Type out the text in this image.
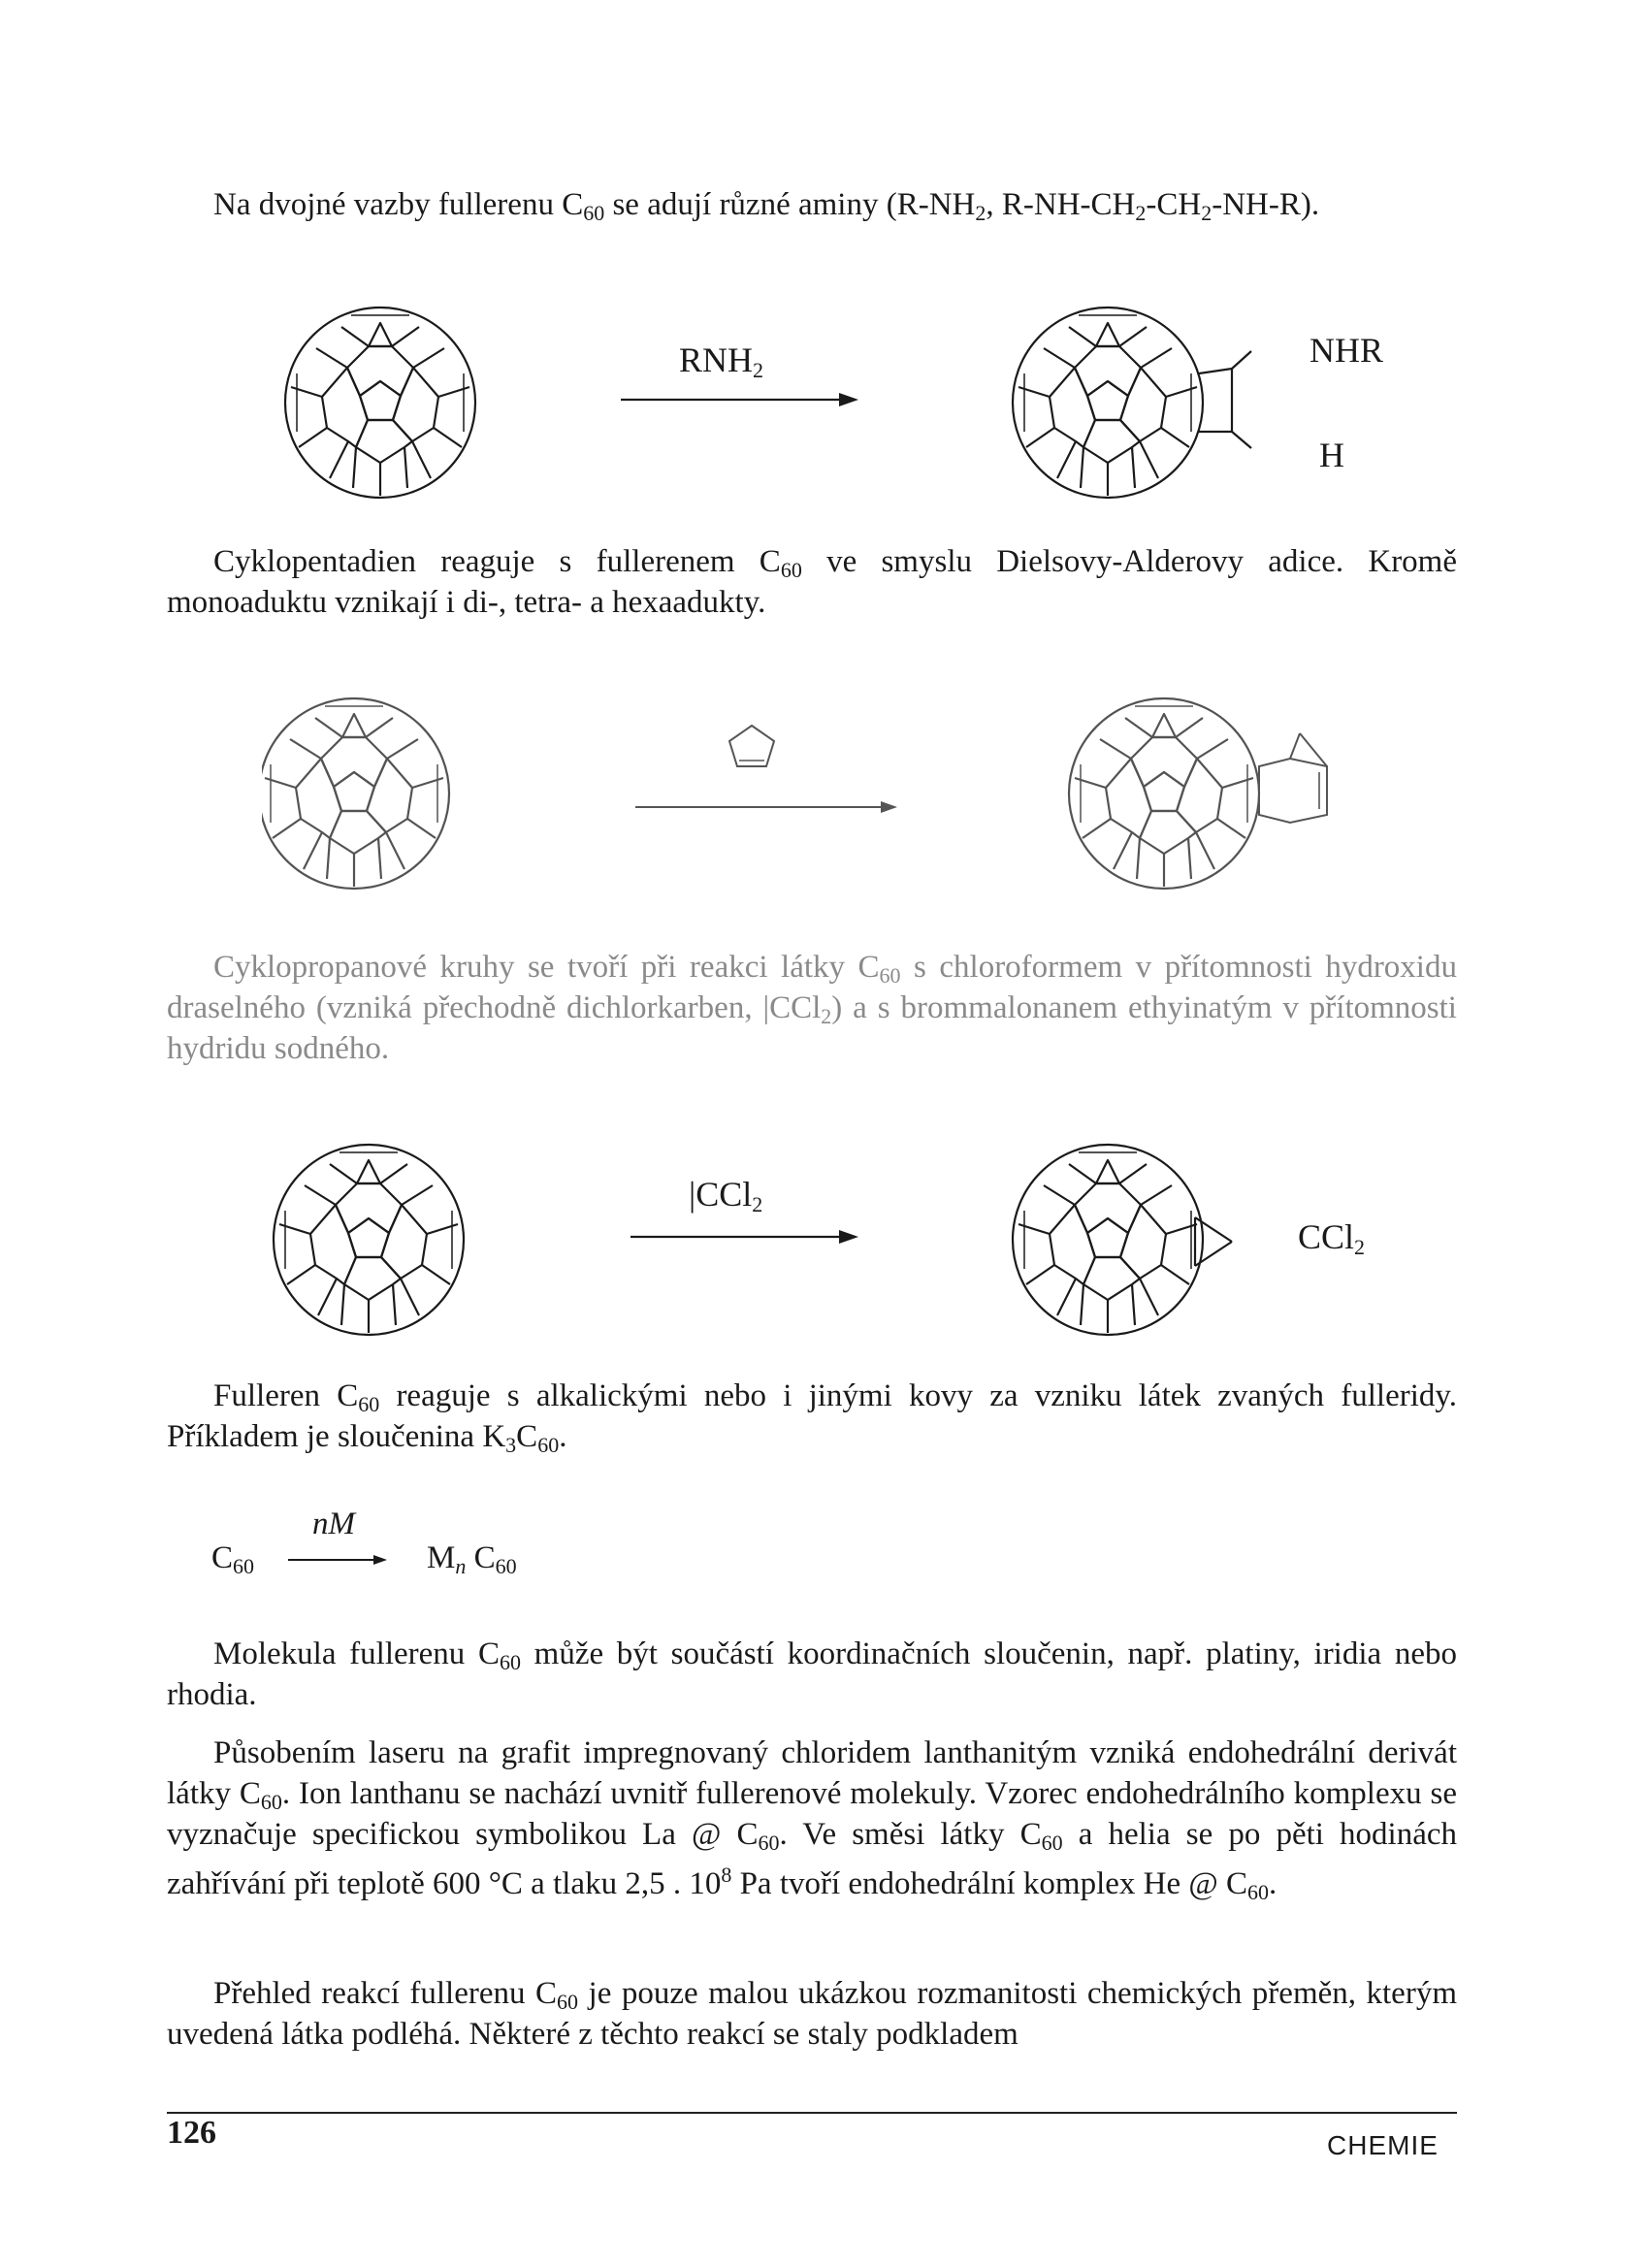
Na dvojné vazby fullerenu $C_{60}$ se adují různé aminy ($R-NH_2$, $R-NH-CH_2-CH_2-NH-R$).

$RNH_2$
NHR
H

Cyklopentadien reaguje s fullerenem $C_{60}$ ve smyslu Dielsovy-Alderovy adice. Kromě monoaduktu vznikají i di-, tetra- a hexaadukty.

Cyklopropanové kruhy se tvoří při reakci látky $C_{60}$ s chloroformem v přítomnosti hydroxidu draselného (vzniká přechodně dichlorkarben, |CCl$_2$) a s brommalonanem ethyinatým v přítomnosti hydridu sodného.

|CCl$_2$
CCl$_2$

Fulleren $C_{60}$ reaguje s alkalickými nebo i jinými kovy za vzniku látek zvaných fulleridy. Příkladem je sloučenina $K_3C_{60}$.

$C_{60}$
nM
$M_n$ $C_{60}$

Molekula fullerenu $C_{60}$ může být součástí koordinačních sloučenin, např. platiny, iridia nebo rhodia.

Působením laseru na grafit impregnovaný chloridem lanthanitým vzniká endohedrální derivát látky $C_{60}$. Ion lanthanu se nachází uvnitř fullerenové molekuly. Vzorec endohedrálního komplexu se vyznačuje specifickou symbolikou La @ $C_{60}$. Ve směsi látky $C_{60}$ a helia se po pěti hodinách zahřívání při teplotě 600 °C a tlaku 2,5 . $10^8$ Pa tvoří endohedrální komplex He @ $C_{60}$.

Přehled reakcí fullerenu $C_{60}$ je pouze malou ukázkou rozmanitosti chemických přeměn, kterým uvedená látka podléhá. Některé z těchto reakcí se staly podkladem

126	CHEMIE
